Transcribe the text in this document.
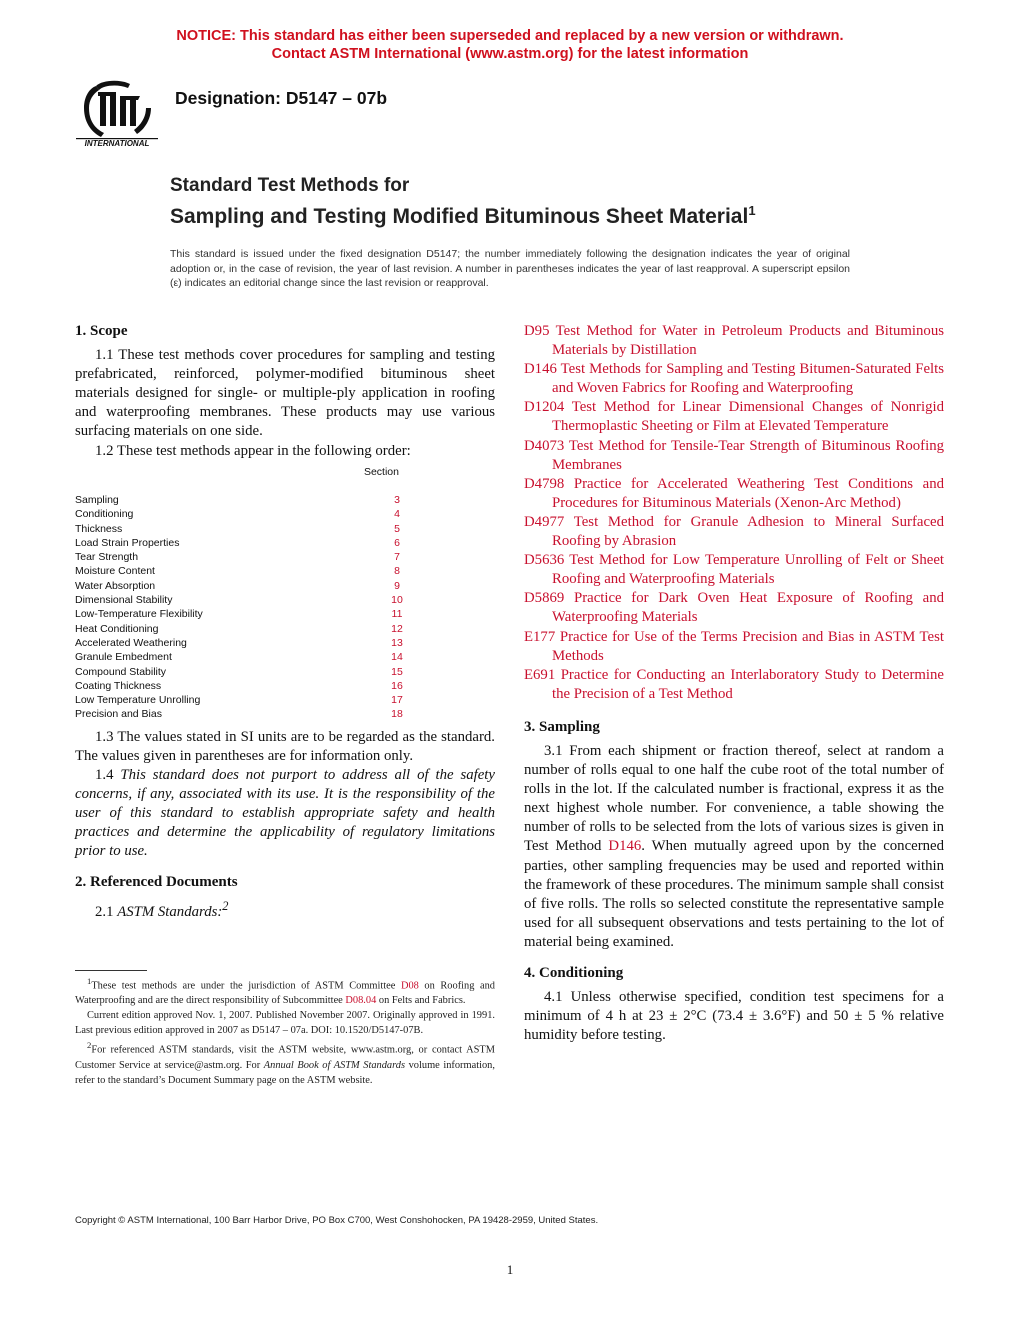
NOTICE: This standard has either been superseded and replaced by a new version or withdrawn.
Contact ASTM International (www.astm.org) for the latest information
INTERNATIONAL
Designation: D5147 – 07b
Standard Test Methods for
Sampling and Testing Modified Bituminous Sheet Material$^1$
This standard is issued under the fixed designation D5147; the number immediately following the designation indicates the year of original adoption or, in the case of revision, the year of last revision. A number in parentheses indicates the year of last reapproval. A superscript epsilon (ε) indicates an editorial change since the last revision or reapproval.
1. Scope

1.1 These test methods cover procedures for sampling and testing prefabricated, reinforced, polymer-modified bituminous sheet materials designed for single- or multiple-ply application in roofing and waterproofing membranes. These products may use various surfacing materials on one side.

1.2 These test methods appear in the following order:

Section
Sampling	3
Conditioning	4
Thickness	5
Load Strain Properties	6
Tear Strength	7
Moisture Content	8
Water Absorption	9
Dimensional Stability	10
Low-Temperature Flexibility	11
Heat Conditioning	12
Accelerated Weathering	13
Granule Embedment	14
Compound Stability	15
Coating Thickness	16
Low Temperature Unrolling	17
Precision and Bias	18

1.3 The values stated in SI units are to be regarded as the standard. The values given in parentheses are for information only.

1.4 This standard does not purport to address all of the safety concerns, if any, associated with its use. It is the responsibility of the user of this standard to establish appropriate safety and health practices and determine the applicability of regulatory limitations prior to use.

2. Referenced Documents

2.1 ASTM Standards:$^2$

D95 Test Method for Water in Petroleum Products and Bituminous Materials by Distillation

D146 Test Methods for Sampling and Testing Bitumen-Saturated Felts and Woven Fabrics for Roofing and Waterproofing

D1204 Test Method for Linear Dimensional Changes of Nonrigid Thermoplastic Sheeting or Film at Elevated Temperature

D4073 Test Method for Tensile-Tear Strength of Bituminous Roofing Membranes

D4798 Practice for Accelerated Weathering Test Conditions and Procedures for Bituminous Materials (Xenon-Arc Method)

D4977 Test Method for Granule Adhesion to Mineral Surfaced Roofing by Abrasion

D5636 Test Method for Low Temperature Unrolling of Felt or Sheet Roofing and Waterproofing Materials

D5869 Practice for Dark Oven Heat Exposure of Roofing and Waterproofing Materials

E177 Practice for Use of the Terms Precision and Bias in ASTM Test Methods

E691 Practice for Conducting an Interlaboratory Study to Determine the Precision of a Test Method

3. Sampling

3.1 From each shipment or fraction thereof, select at random a number of rolls equal to one half the cube root of the total number of rolls in the lot. If the calculated number is fractional, express it as the next highest whole number. For convenience, a table showing the number of rolls to be selected from the lots of various sizes is given in Test Method D146. When mutually agreed upon by the concerned parties, other sampling frequencies may be used and reported within the framework of these procedures. The minimum sample shall consist of five rolls. The rolls so selected constitute the representative sample used for all subsequent observations and tests pertaining to the lot of material being examined.

4. Conditioning

4.1 Unless otherwise specified, condition test specimens for a minimum of 4 h at 23 ± 2°C (73.4 ± 3.6°F) and 50 ± 5 % relative humidity before testing.

$^1$These test methods are under the jurisdiction of ASTM Committee D08 on Roofing and Waterproofing and are the direct responsibility of Subcommittee D08.04 on Felts and Fabrics.

Current edition approved Nov. 1, 2007. Published November 2007. Originally approved in 1991. Last previous edition approved in 2007 as D5147 – 07a. DOI: 10.1520/D5147-07B.

$^2$For referenced ASTM standards, visit the ASTM website, www.astm.org, or contact ASTM Customer Service at service@astm.org. For Annual Book of ASTM Standards volume information, refer to the standard’s Document Summary page on the ASTM website.

Copyright © ASTM International, 100 Barr Harbor Drive, PO Box C700, West Conshohocken, PA 19428-2959, United States.
1
